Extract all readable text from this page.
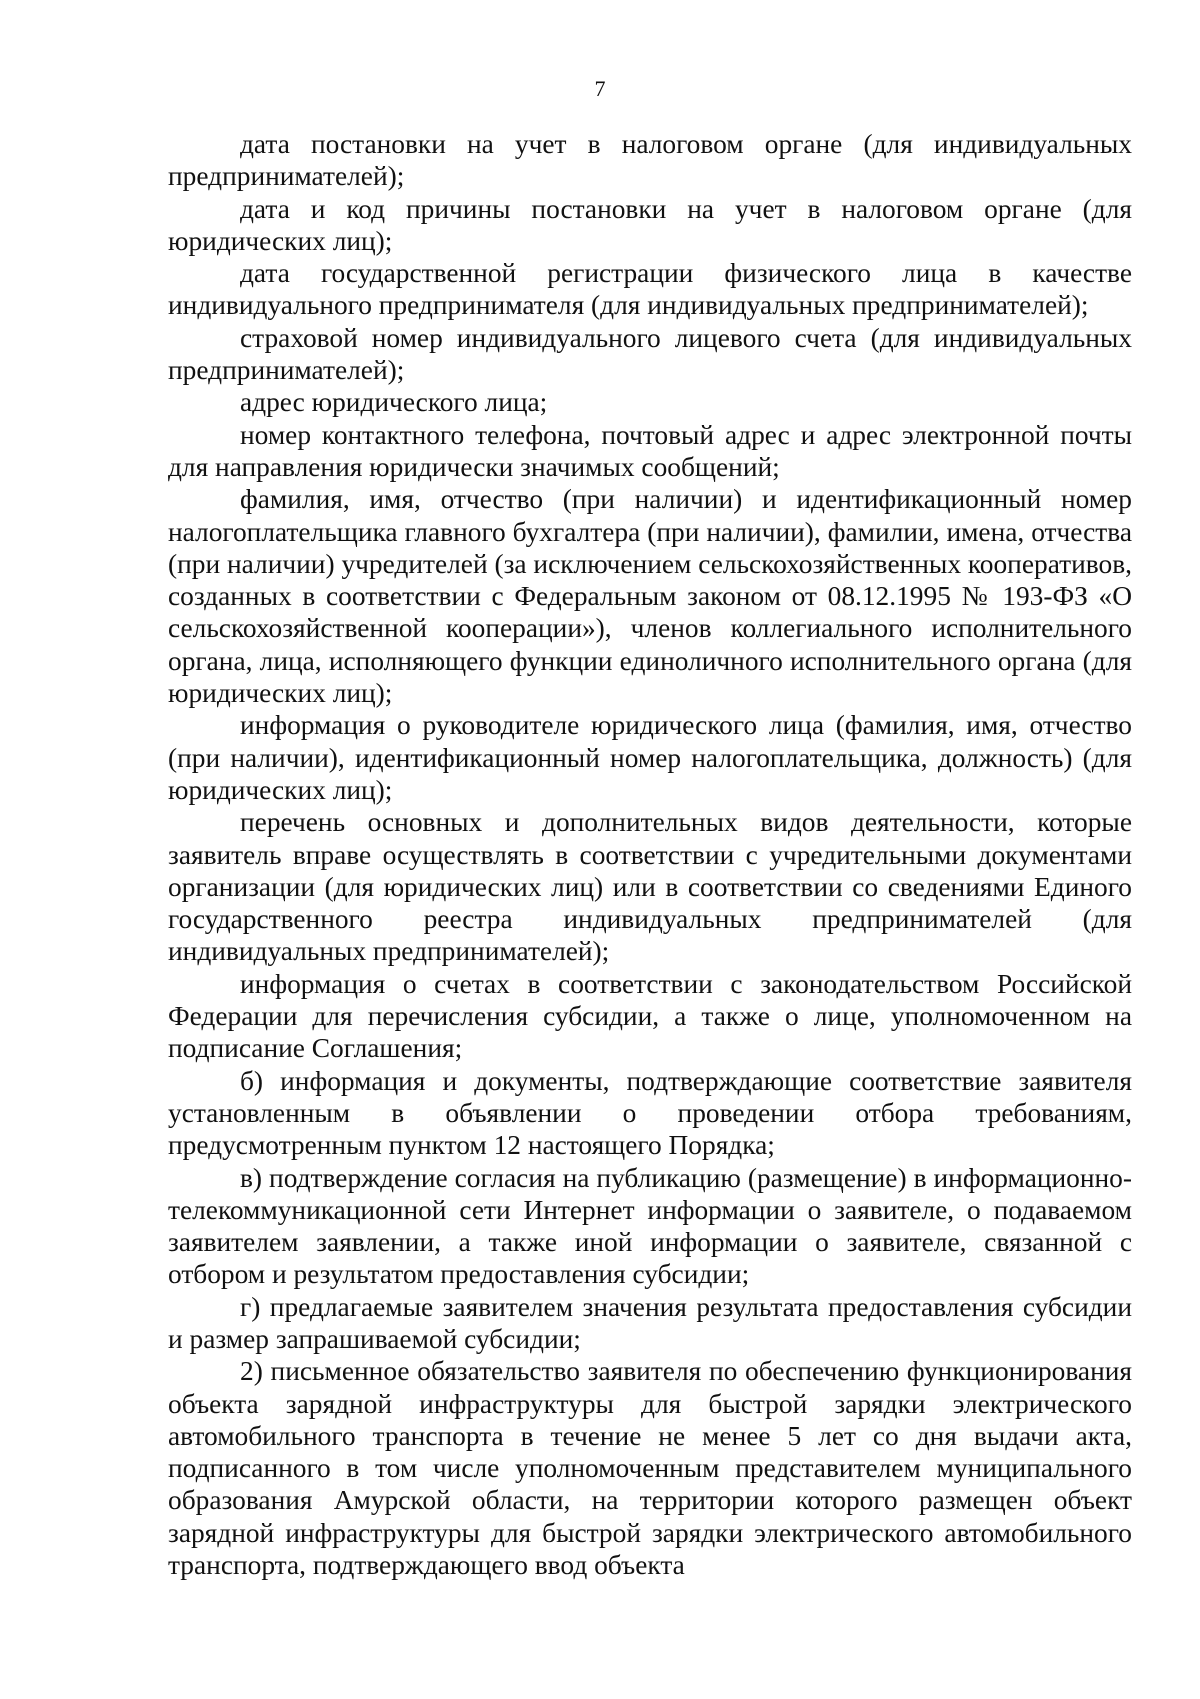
7

дата постановки на учет в налоговом органе (для индивидуальных предпринимателей);

дата и код причины постановки на учет в налоговом органе (для юридических лиц);

дата государственной регистрации физического лица в качестве индивидуального предпринимателя (для индивидуальных предпринимателей);

страховой номер индивидуального лицевого счета (для индивидуальных предпринимателей);

адрес юридического лица;

номер контактного телефона, почтовый адрес и адрес электронной почты для направления юридически значимых сообщений;

фамилия, имя, отчество (при наличии) и идентификационный номер налогоплательщика главного бухгалтера (при наличии), фамилии, имена, отчества (при наличии) учредителей (за исключением сельскохозяйственных кооперативов, созданных в соответствии с Федеральным законом от 08.12.1995 № 193-ФЗ «О сельскохозяйственной кооперации»), членов коллегиального исполнительного органа, лица, исполняющего функции единоличного исполнительного органа (для юридических лиц);

информация о руководителе юридического лица (фамилия, имя, отчество (при наличии), идентификационный номер налогоплательщика, должность) (для юридических лиц);

перечень основных и дополнительных видов деятельности, которые заявитель вправе осуществлять в соответствии с учредительными документами организации (для юридических лиц) или в соответствии со сведениями Единого государственного реестра индивидуальных предпринимателей (для индивидуальных предпринимателей);

информация о счетах в соответствии с законодательством Российской Федерации для перечисления субсидии, а также о лице, уполномоченном на подписание Соглашения;

б) информация и документы, подтверждающие соответствие заявителя установленным в объявлении о проведении отбора требованиям, предусмотренным пунктом 12 настоящего Порядка;

в) подтверждение согласия на публикацию (размещение) в информационно-телекоммуникационной сети Интернет информации о заявителе, о подаваемом заявителем заявлении, а также иной информации о заявителе, связанной с отбором и результатом предоставления субсидии;

г) предлагаемые заявителем значения результата предоставления субсидии и размер запрашиваемой субсидии;

2) письменное обязательство заявителя по обеспечению функционирования объекта зарядной инфраструктуры для быстрой зарядки электрического автомобильного транспорта в течение не менее 5 лет со дня выдачи акта, подписанного в том числе уполномоченным представителем муниципального образования Амурской области, на территории которого размещен объект зарядной инфраструктуры для быстрой зарядки электрического автомобильного транспорта, подтверждающего ввод объекта
